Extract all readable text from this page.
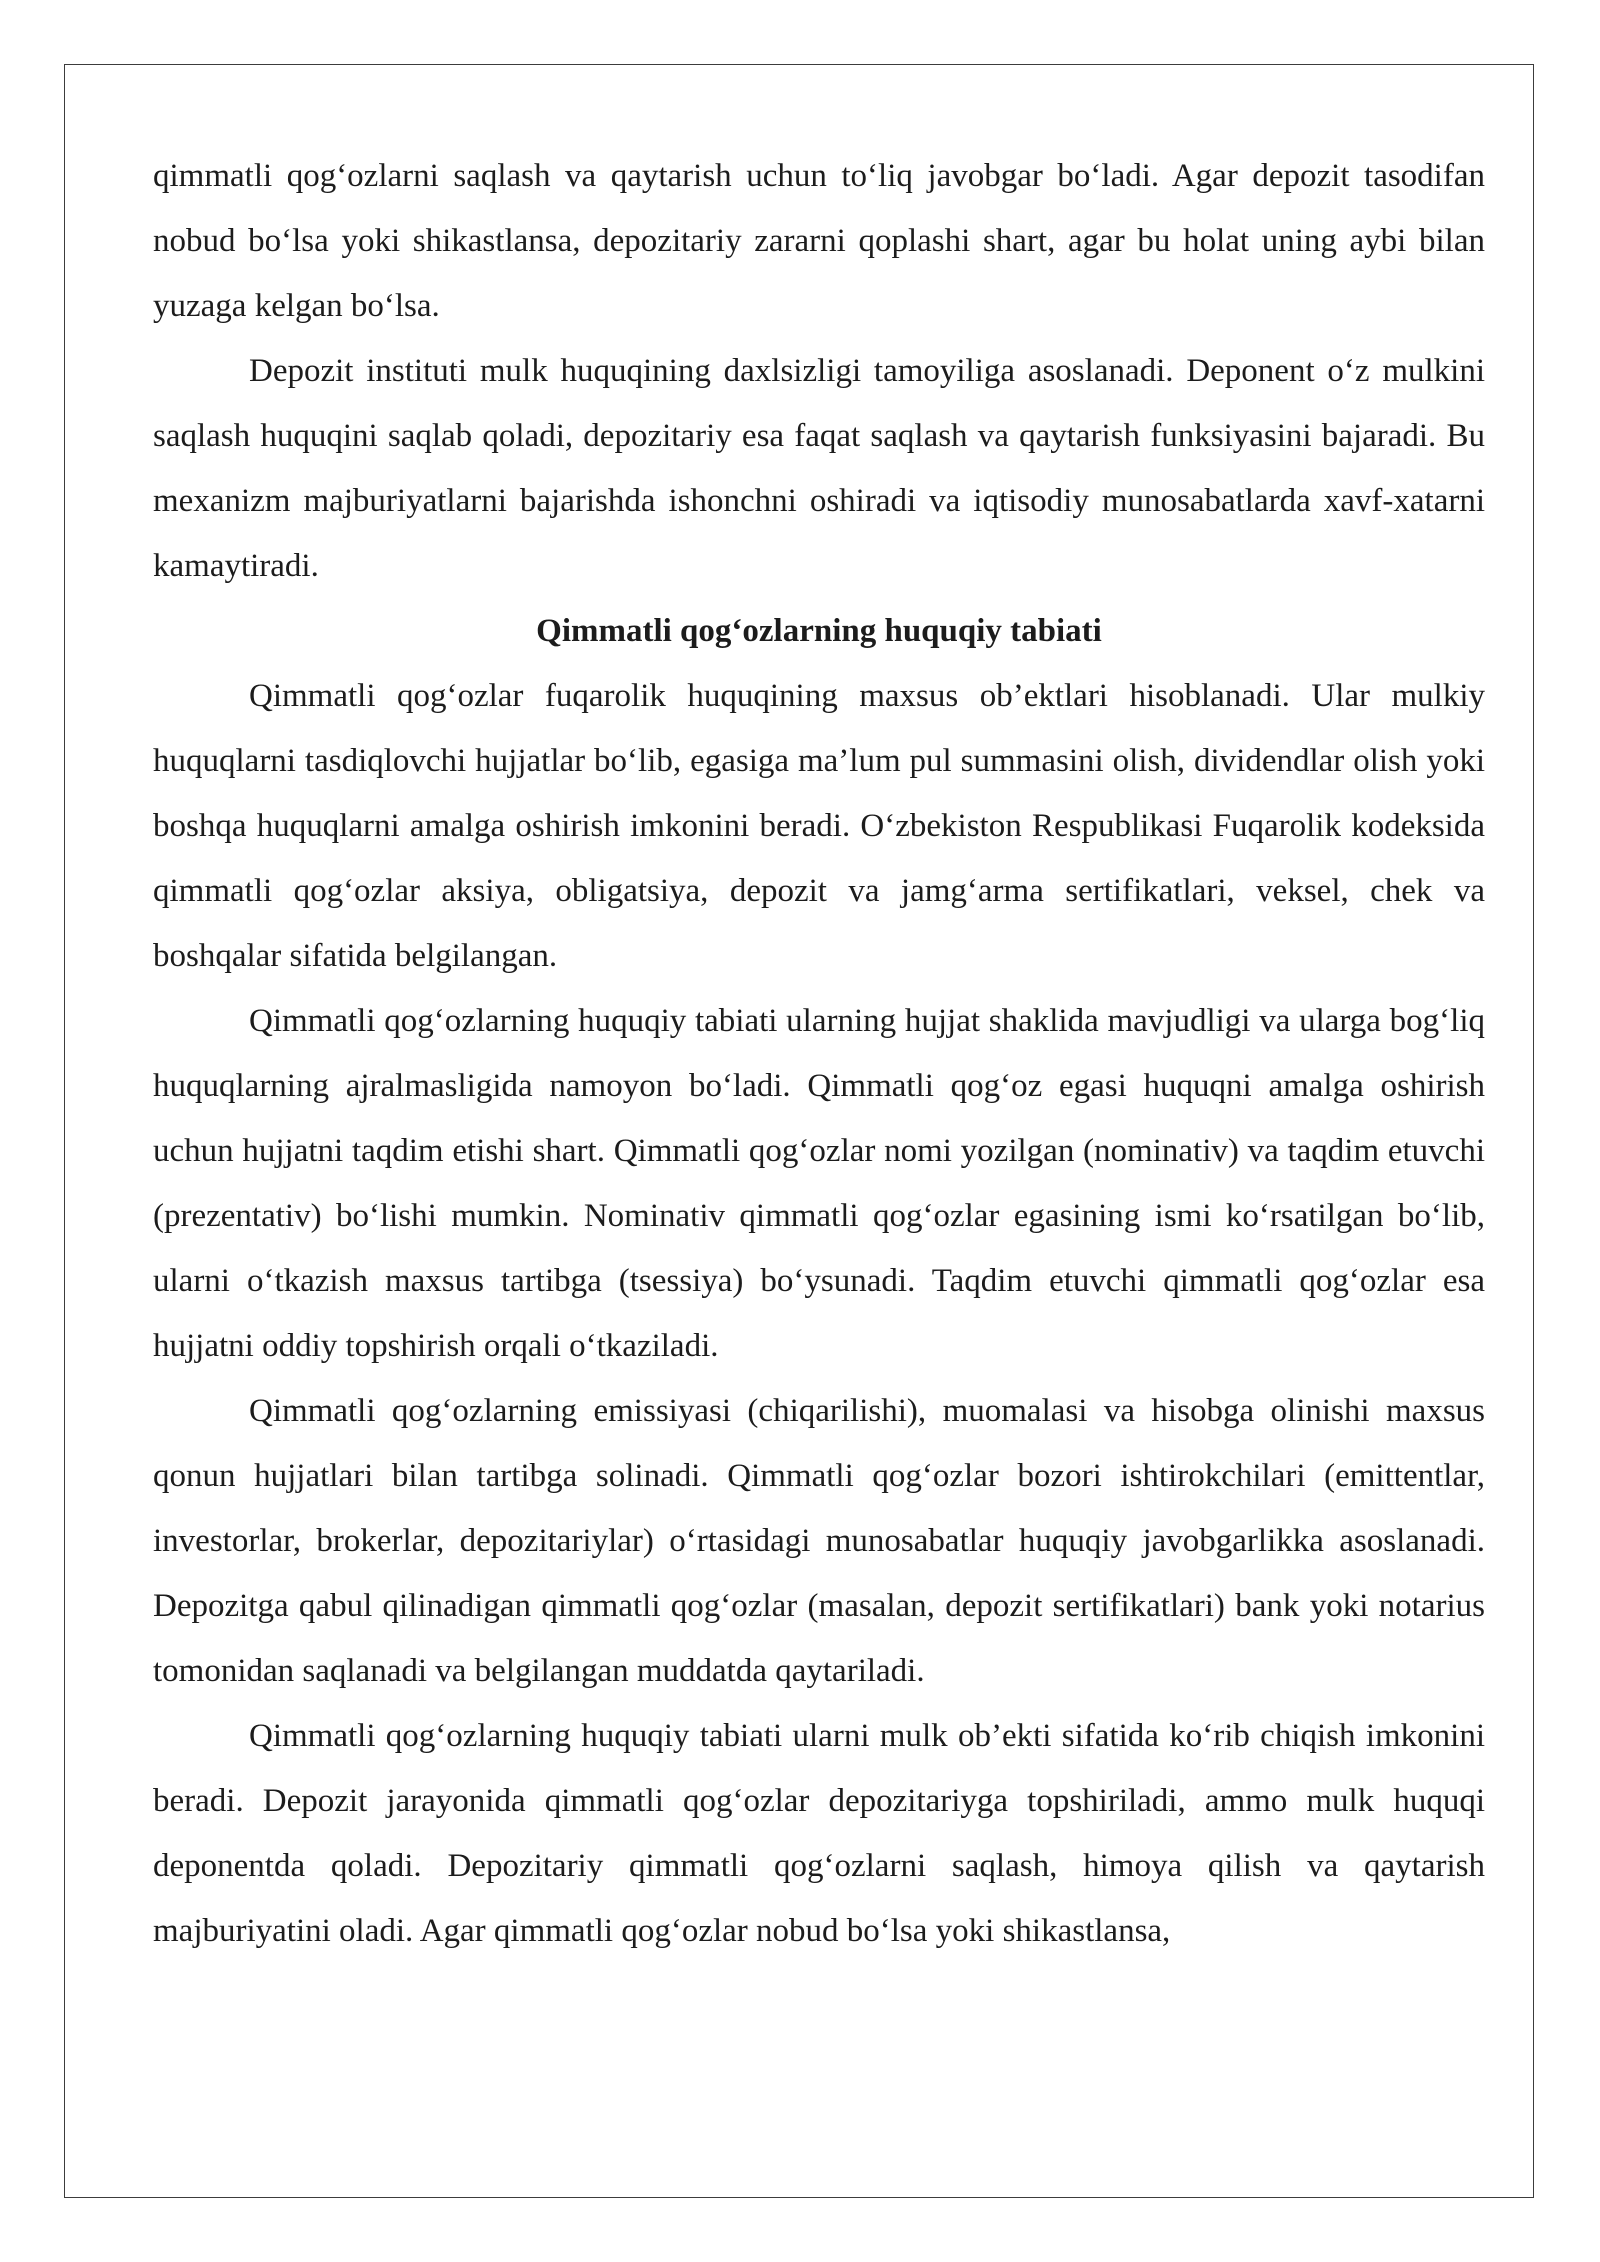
qimmatli qog‘ozlarni saqlash va qaytarish uchun to‘liq javobgar bo‘ladi. Agar depozit tasodifan nobud bo‘lsa yoki shikastlansa, depozitariy zararni qoplashi shart, agar bu holat uning aybi bilan yuzaga kelgan bo‘lsa.

Depozit instituti mulk huquqining daxlsizligi tamoyiliga asoslanadi. Deponent o‘z mulkini saqlash huquqini saqlab qoladi, depozitariy esa faqat saqlash va qaytarish funksiyasini bajaradi. Bu mexanizm majburiyatlarni bajarishda ishonchni oshiradi va iqtisodiy munosabatlarda xavf-xatarni kamaytiradi.

Qimmatli qog‘ozlarning huquqiy tabiati

Qimmatli qog‘ozlar fuqarolik huquqining maxsus ob’ektlari hisoblanadi. Ular mulkiy huquqlarni tasdiqlovchi hujjatlar bo‘lib, egasiga ma’lum pul summasini olish, dividendlar olish yoki boshqa huquqlarni amalga oshirish imkonini beradi. O‘zbekiston Respublikasi Fuqarolik kodeksida qimmatli qog‘ozlar aksiya, obligatsiya, depozit va jamg‘arma sertifikatlari, veksel, chek va boshqalar sifatida belgilangan.

Qimmatli qog‘ozlarning huquqiy tabiati ularning hujjat shaklida mavjudligi va ularga bog‘liq huquqlarning ajralmasligida namoyon bo‘ladi. Qimmatli qog‘oz egasi huquqni amalga oshirish uchun hujjatni taqdim etishi shart. Qimmatli qog‘ozlar nomi yozilgan (nominativ) va taqdim etuvchi (prezentativ) bo‘lishi mumkin. Nominativ qimmatli qog‘ozlar egasining ismi ko‘rsatilgan bo‘lib, ularni o‘tkazish maxsus tartibga (tsessiya) bo‘ysunadi. Taqdim etuvchi qimmatli qog‘ozlar esa hujjatni oddiy topshirish orqali o‘tkaziladi.

Qimmatli qog‘ozlarning emissiyasi (chiqarilishi), muomalasi va hisobga olinishi maxsus qonun hujjatlari bilan tartibga solinadi. Qimmatli qog‘ozlar bozori ishtirokchilari (emittentlar, investorlar, brokerlar, depozitariylar) o‘rtasidagi munosabatlar huquqiy javobgarlikka asoslanadi. Depozitga qabul qilinadigan qimmatli qog‘ozlar (masalan, depozit sertifikatlari) bank yoki notarius tomonidan saqlanadi va belgilangan muddatda qaytariladi.

Qimmatli qog‘ozlarning huquqiy tabiati ularni mulk ob’ekti sifatida ko‘rib chiqish imkonini beradi. Depozit jarayonida qimmatli qog‘ozlar depozitariyga topshiriladi, ammo mulk huquqi deponentda qoladi. Depozitariy qimmatli qog‘ozlarni saqlash, himoya qilish va qaytarish majburiyatini oladi. Agar qimmatli qog‘ozlar nobud bo‘lsa yoki shikastlansa,
